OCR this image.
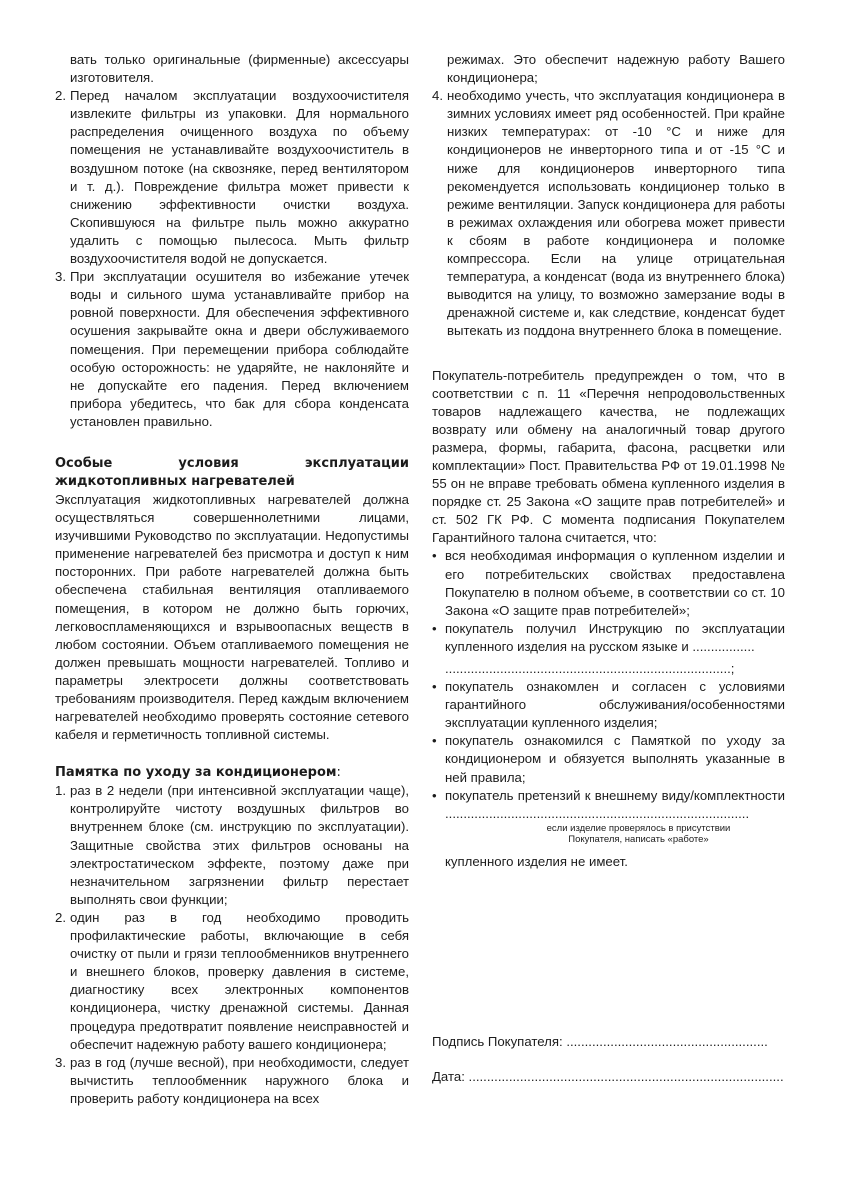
вать только оригинальные (фирменные) аксессуары изготовителя.

2. Перед началом эксплуатации воздухоочистителя извлеките фильтры из упаковки. Для нормального распределения очищенного воздуха по объему помещения не устанавливайте воздухоочиститель в воздушном потоке (на сквозняке, перед вентилятором и т. д.). Повреждение фильтра может привести к снижению эффективности очистки воздуха. Скопившуюся на фильтре пыль можно аккуратно удалить с помощью пылесоса. Мыть фильтр воздухоочистителя водой не допускается.
3. При эксплуатации осушителя во избежание утечек воды и сильного шума устанавливайте прибор на ровной поверхности. Для обеспечения эффективного осушения закрывайте окна и двери обслуживаемого помещения. При перемещении прибора соблюдайте особую осторожность: не ударяйте, не наклоняйте и не допускайте его падения. Перед включением прибора убедитесь, что бак для сбора конденсата установлен правильно.
Особые условия эксплуатации жидкотопливных нагревателей

Эксплуатация жидкотопливных нагревателей должна осуществляться совершеннолетними лицами, изучившими Руководство по эксплуатации. Недопустимы применение нагревателей без присмотра и доступ к ним посторонних. При работе нагревателей должна быть обеспечена стабильная вентиляция отапливаемого помещения, в котором не должно быть горючих, легковоспламеняющихся и взрывоопасных веществ в любом состоянии. Объем отапливаемого помещения не должен превышать мощности нагревателей. Топливо и параметры электросети должны соответствовать требованиям производителя. Перед каждым включением нагревателей необходимо проверять состояние сетевого кабеля и герметичность топливной системы.

Памятка по уходу за кондиционером:
1. раз в 2 недели (при интенсивной эксплуатации чаще), контролируйте чистоту воздушных фильтров во внутреннем блоке (см. инструкцию по эксплуатации). Защитные свойства этих фильтров основаны на электростатическом эффекте, поэтому даже при незначительном загрязнении фильтр перестает выполнять свои функции;
2. один раз в год необходимо проводить профилактические работы, включающие в себя очистку от пыли и грязи теплообменников внутреннего и внешнего блоков, проверку давления в системе, диагностику всех электронных компонентов кондиционера, чистку дренажной системы. Данная процедура предотвратит появление неисправностей и обеспечит надежную работу вашего кондиционера;
3. раз в год (лучше весной), при необходимости, следует вычистить теплообменник наружного блока и проверить работу кондиционера на всех

режимах. Это обеспечит надежную работу Вашего кондиционера;

4. необходимо учесть, что эксплуатация кондиционера в зимних условиях имеет ряд особенностей. При крайне низких температурах: от -10 °С и ниже для кондиционеров не инверторного типа и от -15 °С и ниже для кондиционеров инверторного типа рекомендуется использовать кондиционер только в режиме вентиляции. Запуск кондиционера для работы в режимах охлаждения или обогрева может привести к сбоям в работе кондиционера и поломке компрессора. Если на улице отрицательная температура, а конденсат (вода из внутреннего блока) выводится на улицу, то возможно замерзание воды в дренажной системе и, как следствие, конденсат будет вытекать из поддона внутреннего блока в помещение.

Покупатель-потребитель предупрежден о том, что в соответствии с п. 11 «Перечня непродовольственных товаров надлежащего качества, не подлежащих возврату или обмену на аналогичный товар другого размера, формы, габарита, фасона, расцветки или комплектации» Пост. Правительства РФ от 19.01.1998 № 55 он не вправе требовать обмена купленного изделия в порядке ст. 25 Закона «О защите прав потребителей» и ст. 502 ГК РФ. С момента подписания Покупателем Гарантийного талона считается, что:

• вся необходимая информация о купленном изделии и его потребительских свойствах предоставлена Покупателю в полном объеме, в соответствии со ст. 10 Закона «О защите прав потребителей»;
• покупатель получил Инструкцию по эксплуатации купленного изделия на русском языке и .................

..............................................................................;

• покупатель ознакомлен и согласен с условиями гарантийного обслуживания/особенностями эксплуатации купленного изделия;
• покупатель ознакомился с Памяткой по уходу за кондиционером и обязуется выполнять указанные в ней правила;
• покупатель претензий к внешнему виду/комплектности ...................................................................................
если изделие проверялось в присутствии
Покупателя, написать «работе»

купленного изделия не имеет.

Подпись Покупателя: .......................................................
Дата: ......................................................................................
